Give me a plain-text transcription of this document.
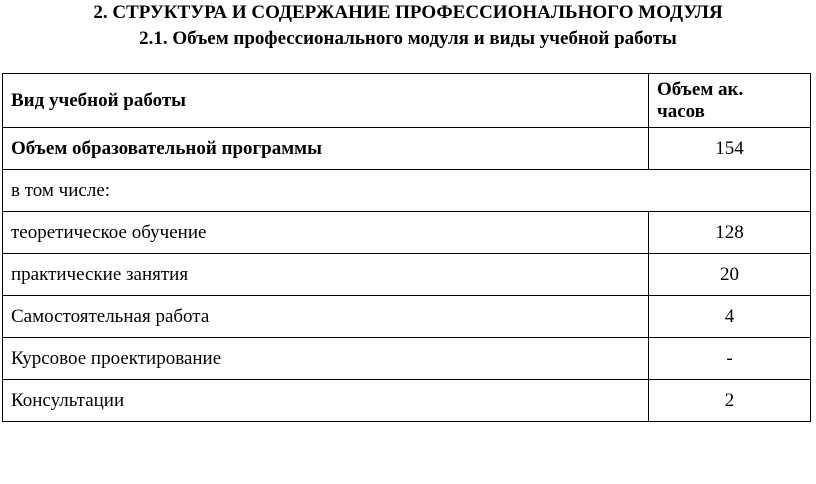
2. СТРУКТУРА И СОДЕРЖАНИЕ ПРОФЕССИОНАЛЬНОГО МОДУЛЯ
2.1. Объем профессионального модуля и виды учебной работы
Вид учебной работы	Объем ак.
часов
Объем образовательной программы	154
в том числе:	
теоретическое обучение	128
практические занятия	20
Самостоятельная работа	4
Курсовое проектирование	-
Консультации	2
